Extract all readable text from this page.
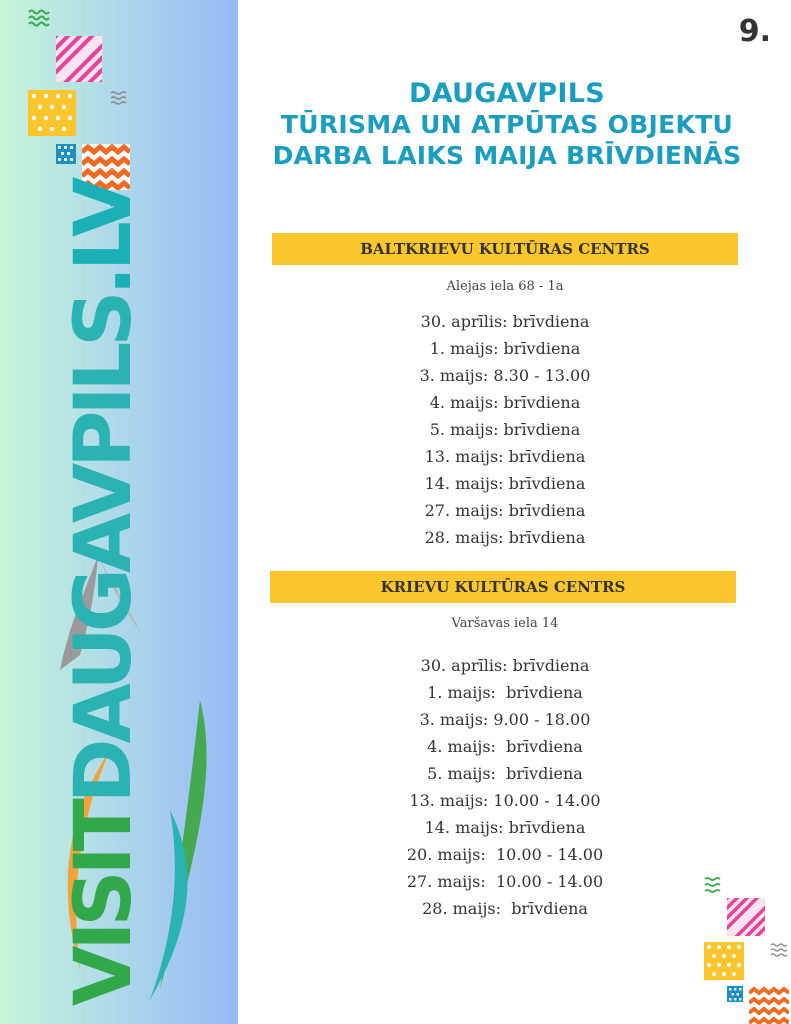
VISITDAUGAVPILS.LV
9.
DAUGAVPILS
TŪRISMA UN ATPŪTAS OBJEKTU
DARBA LAIKS MAIJA BRĪVDIENĀS
BALTKRIEVU KULTŪRAS CENTRS
Alejas iela 68 - 1a
30. aprīlis: brīvdiena
1. maijs: brīvdiena
3. maijs: 8.30 - 13.00
4. maijs: brīvdiena
5. maijs: brīvdiena
13. maijs: brīvdiena
14. maijs: brīvdiena
27. maijs: brīvdiena
28. maijs: brīvdiena
KRIEVU KULTŪRAS CENTRS
Varšavas iela 14
30. aprīlis: brīvdiena
1. maijs:  brīvdiena
3. maijs: 9.00 - 18.00
4. maijs:  brīvdiena
5. maijs:  brīvdiena
13. maijs: 10.00 - 14.00
14. maijs: brīvdiena
20. maijs:  10.00 - 14.00
27. maijs:  10.00 - 14.00
28. maijs:  brīvdiena
